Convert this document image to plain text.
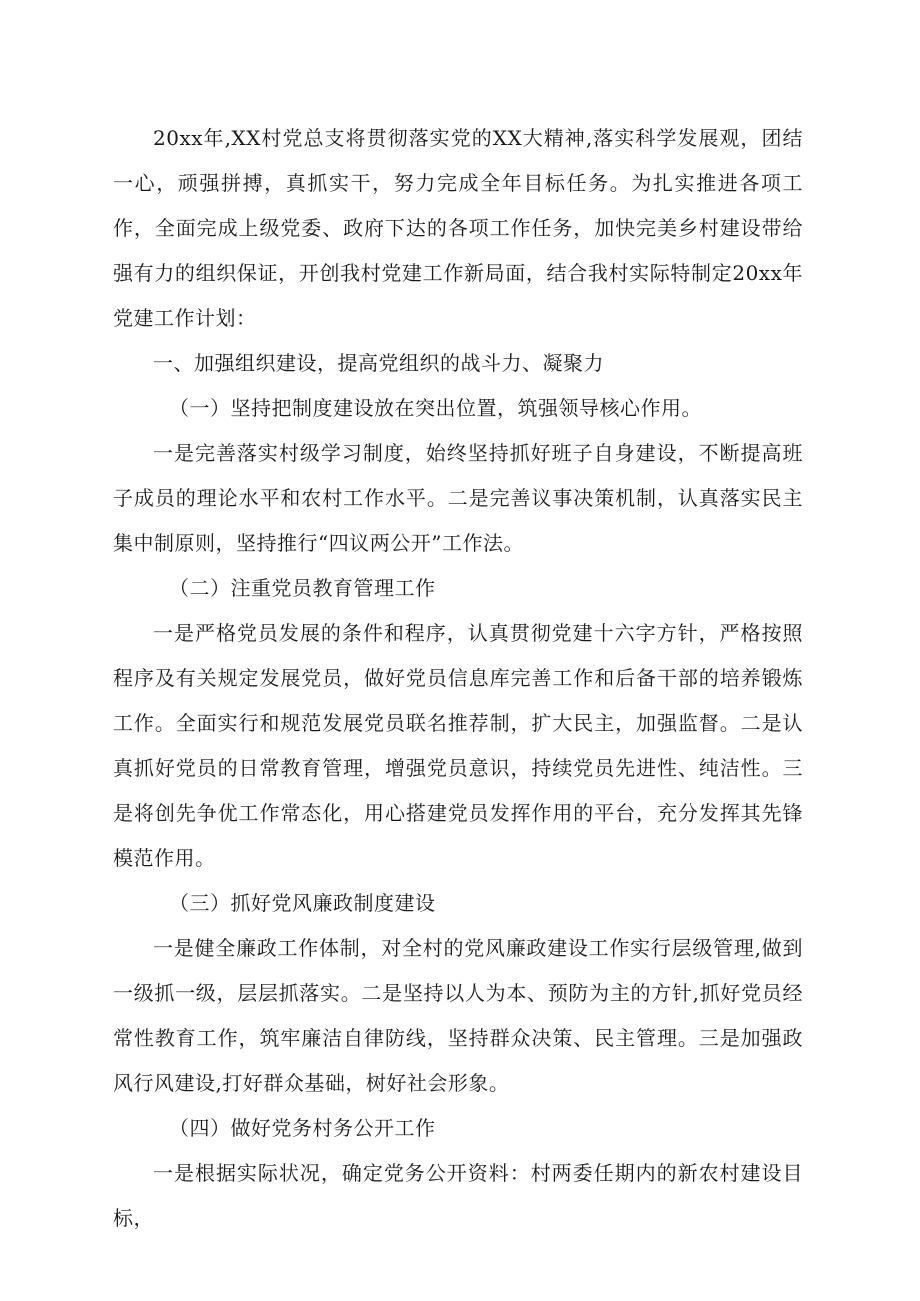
20xx年,XX村党总支将贯彻落实党的XX大精神,落实科学发展观，团结一心，顽强拼搏，真抓实干，努力完成全年目标任务。为扎实推进各项工作，全面完成上级党委、政府下达的各项工作任务，加快完美乡村建设带给强有力的组织保证，开创我村党建工作新局面，结合我村实际特制定20xx年党建工作计划：

一、加强组织建设，提高党组织的战斗力、凝聚力

（一）坚持把制度建设放在突出位置，筑强领导核心作用。

一是完善落实村级学习制度，始终坚持抓好班子自身建设，不断提高班子成员的理论水平和农村工作水平。二是完善议事决策机制，认真落实民主集中制原则，坚持推行“四议两公开”工作法。

（二）注重党员教育管理工作

一是严格党员发展的条件和程序，认真贯彻党建十六字方针，严格按照程序及有关规定发展党员，做好党员信息库完善工作和后备干部的培养锻炼工作。全面实行和规范发展党员联名推荐制，扩大民主，加强监督。二是认真抓好党员的日常教育管理，增强党员意识，持续党员先进性、纯洁性。三是将创先争优工作常态化，用心搭建党员发挥作用的平台，充分发挥其先锋模范作用。

（三）抓好党风廉政制度建设

一是健全廉政工作体制，对全村的党风廉政建设工作实行层级管理,做到一级抓一级，层层抓落实。二是坚持以人为本、预防为主的方针,抓好党员经常性教育工作，筑牢廉洁自律防线，坚持群众决策、民主管理。三是加强政风行风建设,打好群众基础，树好社会形象。

（四）做好党务村务公开工作

一是根据实际状况，确定党务公开资料：村两委任期内的新农村建设目标，
